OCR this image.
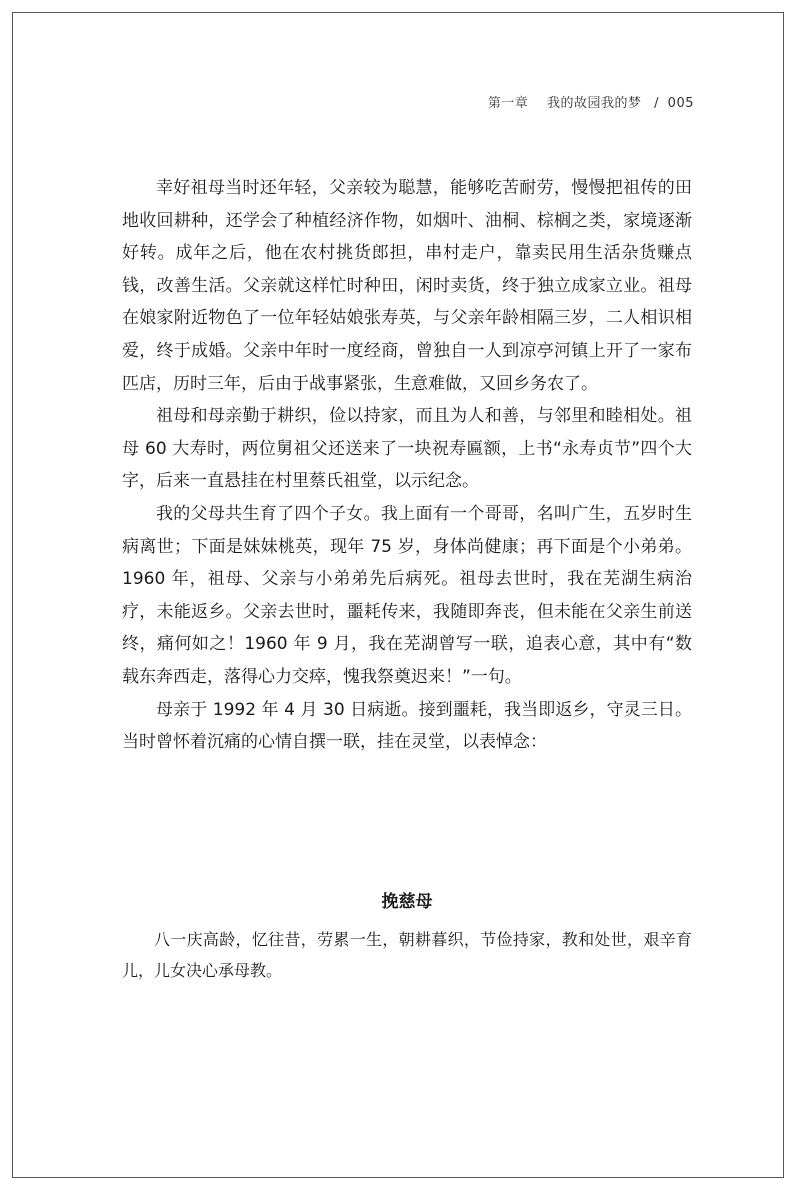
第一章 我的故园我的梦 / 005

幸好祖母当时还年轻，父亲较为聪慧，能够吃苦耐劳，慢慢把祖传的田地收回耕种，还学会了种植经济作物，如烟叶、油桐、棕榈之类，家境逐渐好转。成年之后，他在农村挑货郎担，串村走户，靠卖民用生活杂货赚点钱，改善生活。父亲就这样忙时种田，闲时卖货，终于独立成家立业。祖母在娘家附近物色了一位年轻姑娘张寿英，与父亲年龄相隔三岁，二人相识相爱，终于成婚。父亲中年时一度经商，曾独自一人到凉亭河镇上开了一家布匹店，历时三年，后由于战事紧张，生意难做，又回乡务农了。

祖母和母亲勤于耕织，俭以持家，而且为人和善，与邻里和睦相处。祖母 60 大寿时，两位舅祖父还送来了一块祝寿匾额，上书“永寿贞节”四个大字，后来一直悬挂在村里蔡氏祖堂，以示纪念。

我的父母共生育了四个子女。我上面有一个哥哥，名叫广生，五岁时生病离世；下面是妹妹桃英，现年 75 岁，身体尚健康；再下面是个小弟弟。1960 年，祖母、父亲与小弟弟先后病死。祖母去世时，我在芜湖生病治疗，未能返乡。父亲去世时，噩耗传来，我随即奔丧，但未能在父亲生前送终，痛何如之！1960 年 9 月，我在芜湖曾写一联，追表心意，其中有“数载东奔西走，落得心力交瘁，愧我祭奠迟来！”一句。

母亲于 1992 年 4 月 30 日病逝。接到噩耗，我当即返乡，守灵三日。当时曾怀着沉痛的心情自撰一联，挂在灵堂，以表悼念：

挽慈母

八一庆高龄，忆往昔，劳累一生，朝耕暮织，节俭持家，教和处世，艰辛育儿，儿女决心承母教。
